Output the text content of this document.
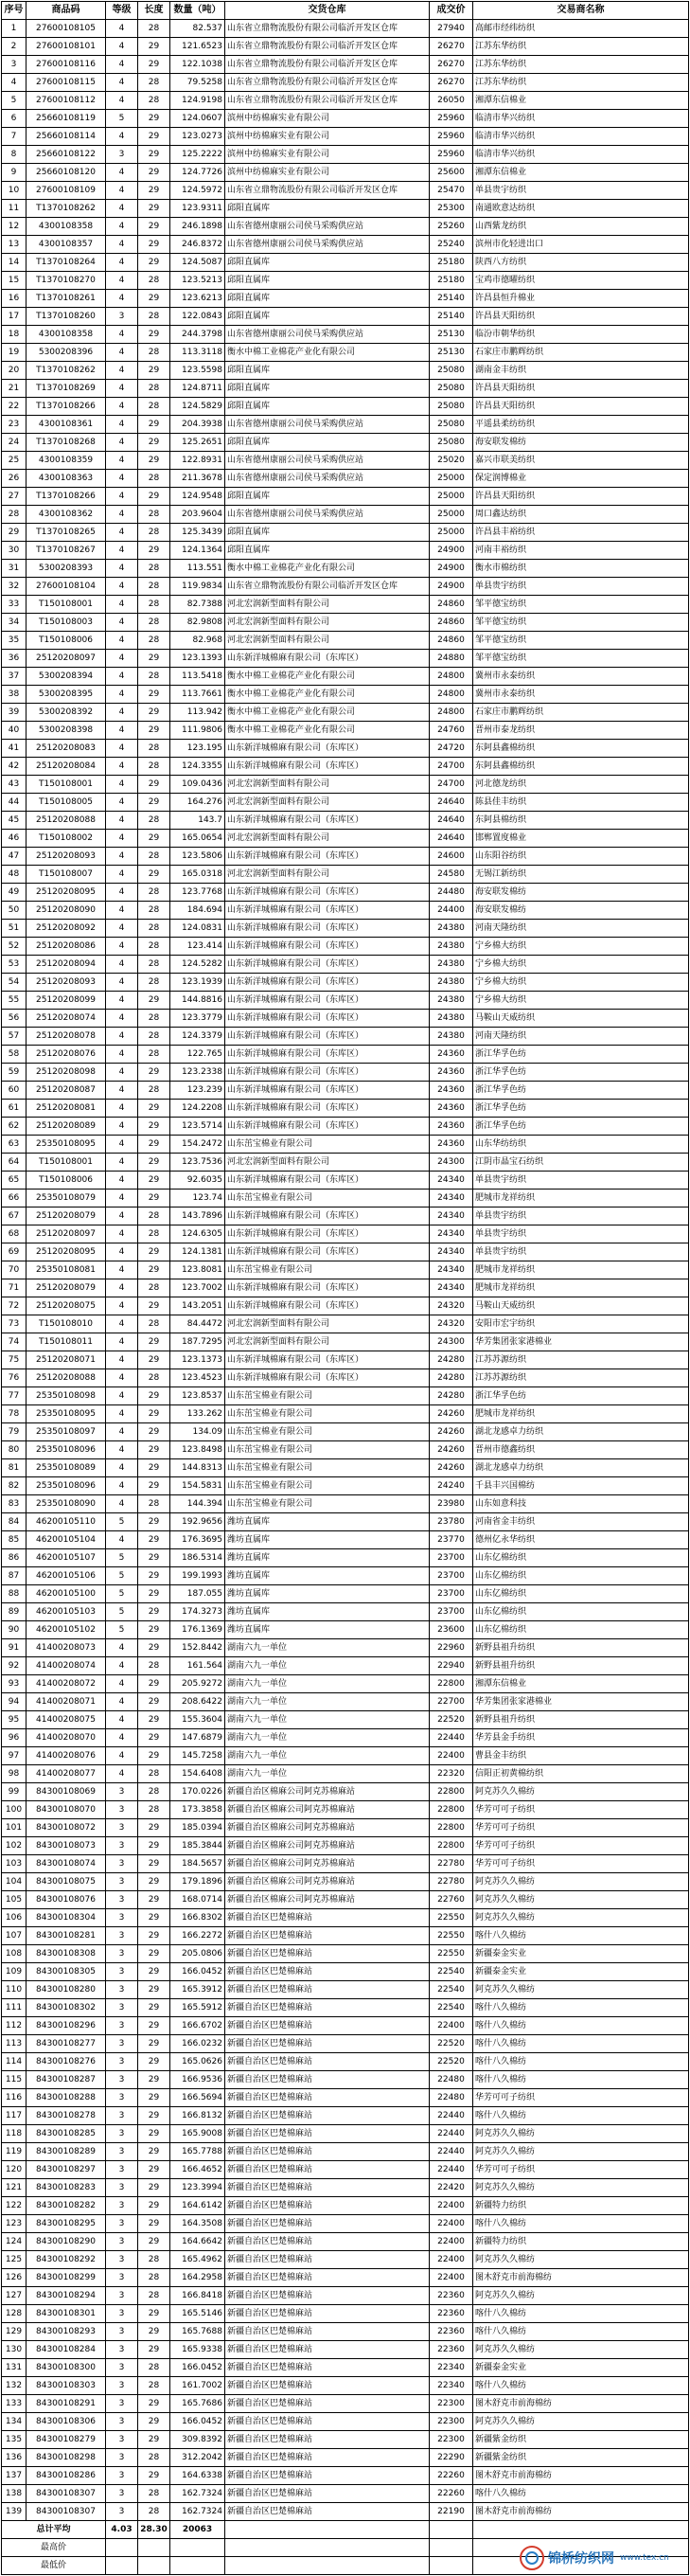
序号	商品码	等级	长度	数量（吨）	交货仓库	成交价	交易商名称
1	27600108105	4	28	82.537	山东省立鼎物流股份有限公司临沂开发区仓库	27940	高邮市经纬纺织
2	27600108101	4	29	121.6523	山东省立鼎物流股份有限公司临沂开发区仓库	26270	江苏东华纺织
3	27600108116	4	29	122.1038	山东省立鼎物流股份有限公司临沂开发区仓库	26270	江苏东华纺织
4	27600108115	4	28	79.5258	山东省立鼎物流股份有限公司临沂开发区仓库	26270	江苏东华纺织
5	27600108112	4	28	124.9198	山东省立鼎物流股份有限公司临沂开发区仓库	26050	湘潭东信棉业
6	25660108119	5	29	124.0607	滨州中纺棉麻实业有限公司	25960	临清市华兴纺织
7	25660108114	4	29	123.0273	滨州中纺棉麻实业有限公司	25960	临清市华兴纺织
8	25660108122	3	29	125.2222	滨州中纺棉麻实业有限公司	25960	临清市华兴纺织
9	25660108120	4	29	124.7726	滨州中纺棉麻实业有限公司	25600	湘潭东信棉业
10	27600108109	4	29	124.5972	山东省立鼎物流股份有限公司临沂开发区仓库	25470	单县贵宇纺织
11	T1370108262	4	29	123.9311	邱阳直属库	25300	南通欧意达纺织
12	4300108358	4	29	246.1898	山东省德州康丽公司侯马采购供应站	25260	山西紫龙纺织
13	4300108357	4	29	246.8372	山东省德州康丽公司侯马采购供应站	25240	滨州市化轻进出口
14	T1370108264	4	29	124.5087	邱阳直属库	25180	陕西八方纺织
15	T1370108270	4	28	123.5213	邱阳直属库	25180	宝鸡市德曜纺织
16	T1370108261	4	29	123.6213	邱阳直属库	25140	许昌县恒升棉业
17	T1370108260	3	28	122.0843	邱阳直属库	25140	许昌县天阳纺织
18	4300108358	4	29	244.3798	山东省德州康丽公司侯马采购供应站	25130	临汾市朝华纺织
19	5300208396	4	28	113.3118	衡水中棉工业棉花产业化有限公司	25130	石家庄市鹏辉纺织
20	T1370108262	4	29	123.5598	邱阳直属库	25080	湖南金丰纺织
21	T1370108269	4	28	124.8711	邱阳直属库	25080	许昌县天阳纺织
22	T1370108266	4	28	124.5829	邱阳直属库	25080	许昌县天阳纺织
23	4300108361	4	29	204.3938	山东省德州康丽公司侯马采购供应站	25080	平遥县柔纺纺织
24	T1370108268	4	29	125.2651	邱阳直属库	25080	海安联发棉纺
25	4300108359	4	29	122.8931	山东省德州康丽公司侯马采购供应站	25020	嘉兴市联美纺织
26	4300108363	4	28	211.3678	山东省德州康丽公司侯马采购供应站	25000	保定润博棉业
27	T1370108266	4	29	124.9548	邱阳直属库	25000	许昌县天阳纺织
28	4300108362	4	28	203.9604	山东省德州康丽公司侯马采购供应站	25000	周口鑫达纺织
29	T1370108265	4	28	125.3439	邱阳直属库	25000	许昌县丰裕纺织
30	T1370108267	4	29	124.1364	邱阳直属库	24900	河南丰裕纺织
31	5300208393	4	28	113.551	衡水中棉工业棉花产业化有限公司	24900	衡水市棉纺织
32	27600108104	4	28	119.9834	山东省立鼎物流股份有限公司临沂开发区仓库	24900	单县贵宇纺织
33	T150108001	4	28	82.7388	河北宏润新型面料有限公司	24860	邹平德宝纺织
34	T150108003	4	28	82.9808	河北宏润新型面料有限公司	24860	邹平德宝纺织
35	T150108006	4	28	82.968	河北宏润新型面料有限公司	24860	邹平德宝纺织
36	25120208097	4	29	123.1393	山东新洋城棉麻有限公司（东库区）	24880	邹平德宝纺织
37	5300208394	4	28	113.5418	衡水中棉工业棉花产业化有限公司	24800	冀州市永泰纺织
38	5300208395	4	29	113.7661	衡水中棉工业棉花产业化有限公司	24800	冀州市永泰纺织
39	5300208392	4	29	113.942	衡水中棉工业棉花产业化有限公司	24800	石家庄市鹏辉纺织
40	5300208398	4	29	111.9806	衡水中棉工业棉花产业化有限公司	24760	晋州市泰龙纺织
41	25120208083	4	28	123.195	山东新洋城棉麻有限公司（东库区）	24720	东阿县鑫棉纺织
42	25120208084	4	28	124.3355	山东新洋城棉麻有限公司（东库区）	24700	东阿县鑫棉纺织
43	T150108001	4	29	109.0436	河北宏润新型面料有限公司	24700	河北德龙纺织
44	T150108005	4	29	164.276	河北宏润新型面料有限公司	24640	陈县佳丰纺织
45	25120208088	4	28	143.7	山东新洋城棉麻有限公司（东库区）	24640	东阿县棉纺织
46	T150108002	4	29	165.0654	河北宏润新型面料有限公司	24640	邯郸置度棉业
47	25120208093	4	28	123.5806	山东新洋城棉麻有限公司（东库区）	24600	山东阳谷纺织
48	T150108007	4	29	165.0318	河北宏润新型面料有限公司	24580	无锡江新纺织
49	25120208095	4	28	123.7768	山东新洋城棉麻有限公司（东库区）	24480	海安联发棉纺
50	25120208090	4	28	184.694	山东新洋城棉麻有限公司（东库区）	24400	海安联发棉纺
51	25120208092	4	28	124.0831	山东新洋城棉麻有限公司（东库区）	24380	河南天隆纺织
52	25120208086	4	28	123.414	山东新洋城棉麻有限公司（东库区）	24380	宁乡棉大纺织
53	25120208094	4	28	124.5282	山东新洋城棉麻有限公司（东库区）	24380	宁乡棉大纺织
54	25120208093	4	28	123.1939	山东新洋城棉麻有限公司（东库区）	24380	宁乡棉大纺织
55	25120208099	4	29	144.8816	山东新洋城棉麻有限公司（东库区）	24380	宁乡棉大纺织
56	25120208074	4	28	123.3779	山东新洋城棉麻有限公司（东库区）	24380	马鞍山天威纺织
57	25120208078	4	28	124.3379	山东新洋城棉麻有限公司（东库区）	24380	河南天隆纺织
58	25120208076	4	28	122.765	山东新洋城棉麻有限公司（东库区）	24360	浙江华孚色纺
59	25120208098	4	29	123.2338	山东新洋城棉麻有限公司（东库区）	24360	浙江华孚色纺
60	25120208087	4	28	123.239	山东新洋城棉麻有限公司（东库区）	24360	浙江华孚色纺
61	25120208081	4	29	124.2208	山东新洋城棉麻有限公司（东库区）	24360	浙江华孚色纺
62	25120208089	4	29	123.5714	山东新洋城棉麻有限公司（东库区）	24360	浙江华孚色纺
63	25350108095	4	29	154.2472	山东茁宝棉业有限公司	24360	山东华纺纺织
64	T150108001	4	29	123.7536	河北宏润新型面料有限公司	24300	江阴市晶宝石纺织
65	T150108006	4	29	92.6035	山东新洋城棉麻有限公司（东库区）	24340	单县贵宇纺织
66	25350108079	4	29	123.74	山东茁宝棉业有限公司	24340	肥城市龙祥纺织
67	25120208079	4	28	143.7896	山东新洋城棉麻有限公司（东库区）	24340	单县贵宇纺织
68	25120208097	4	28	124.6305	山东新洋城棉麻有限公司（东库区）	24340	单县贵宇纺织
69	25120208095	4	29	124.1381	山东新洋城棉麻有限公司（东库区）	24340	单县贵宇纺织
70	25350108081	4	29	123.8081	山东茁宝棉业有限公司	24340	肥城市龙祥纺织
71	25120208079	4	28	123.7002	山东新洋城棉麻有限公司（东库区）	24340	肥城市龙祥纺织
72	25120208075	4	29	143.2051	山东新洋城棉麻有限公司（东库区）	24320	马鞍山天威纺织
73	T150108010	4	28	84.4472	河北宏润新型面料有限公司	24320	安阳市宏宇纺织
74	T150108011	4	29	187.7295	河北宏润新型面料有限公司	24300	华芳集团张家港棉业
75	25120208071	4	29	123.1373	山东新洋城棉麻有限公司（东库区）	24280	江苏苏源纺织
76	25120208088	4	28	123.4523	山东新洋城棉麻有限公司（东库区）	24280	江苏苏源纺织
77	25350108098	4	29	123.8537	山东茁宝棉业有限公司	24280	浙江华孚色纺
78	25350108095	4	29	133.262	山东茁宝棉业有限公司	24260	肥城市龙祥纺织
79	25350108097	4	29	134.09	山东茁宝棉业有限公司	24260	湖北龙感卓力纺织
80	25350108096	4	29	123.8498	山东茁宝棉业有限公司	24260	晋州市德鑫纺织
81	25350108089	4	29	144.8313	山东茁宝棉业有限公司	24260	湖北龙感卓力纺织
82	25350108096	4	29	154.5831	山东茁宝棉业有限公司	24240	千县丰兴国棉纺
83	25350108090	4	28	144.394	山东茁宝棉业有限公司	23980	山东如意科技
84	46200105110	5	29	192.9656	潍坊直属库	23780	河南省金丰纺织
85	46200105104	4	29	176.3695	潍坊直属库	23770	德州亿永华纺织
86	46200105107	5	29	186.5314	潍坊直属库	23700	山东亿棉纺织
87	46200105106	5	29	199.1993	潍坊直属库	23700	山东亿棉纺织
88	46200105100	5	29	187.055	潍坊直属库	23700	山东亿棉纺织
89	46200105103	5	29	174.3273	潍坊直属库	23700	山东亿棉纺织
90	46200105102	5	29	176.1369	潍坊直属库	23600	山东亿棉纺织
91	41400208073	4	29	152.8442	湖南六九一单位	22960	新野县祖升纺织
92	41400208074	4	28	161.564	湖南六九一单位	22940	新野县祖升纺织
93	41400208072	4	29	205.9272	湖南六九一单位	22800	湘潭东信棉业
94	41400208071	4	29	208.6422	湖南六九一单位	22700	华芳集团张家港棉业
95	41400208075	4	29	155.3604	湖南六九一单位	22520	新野县祖升纺织
96	41400208070	4	29	147.6879	湖南六九一单位	22440	华芳县金手纺织
97	41400208076	4	29	145.7258	湖南六九一单位	22400	曹县金丰纺织
98	41400208077	4	28	154.6408	湖南六九一单位	22320	信阳正初黄棉纺织
99	84300108069	3	28	170.0226	新疆自治区棉麻公司阿克苏棉麻站	22800	阿克苏久久棉纺
100	84300108070	3	28	173.3858	新疆自治区棉麻公司阿克苏棉麻站	22800	华芳可可子纺织
101	84300108072	3	29	185.0394	新疆自治区棉麻公司阿克苏棉麻站	22800	华芳可可子纺织
102	84300108073	3	29	185.3844	新疆自治区棉麻公司阿克苏棉麻站	22800	华芳可可子纺织
103	84300108074	3	29	184.5657	新疆自治区棉麻公司阿克苏棉麻站	22780	华芳可可子纺织
104	84300108075	3	29	179.1896	新疆自治区棉麻公司阿克苏棉麻站	22780	阿克苏久久棉纺
105	84300108076	3	29	168.0714	新疆自治区棉麻公司阿克苏棉麻站	22760	阿克苏久久棉纺
106	84300108304	3	29	166.8302	新疆自治区巴楚棉麻站	22550	阿克苏久久棉纺
107	84300108281	3	29	166.2272	新疆自治区巴楚棉麻站	22550	喀什八久棉纺
108	84300108308	3	29	205.0806	新疆自治区巴楚棉麻站	22550	新疆泰金实业
109	84300108305	3	29	166.0452	新疆自治区巴楚棉麻站	22540	新疆泰金实业
110	84300108280	3	29	165.3912	新疆自治区巴楚棉麻站	22540	阿克苏久久棉纺
111	84300108302	3	29	165.5912	新疆自治区巴楚棉麻站	22540	喀什八久棉纺
112	84300108296	3	29	166.6702	新疆自治区巴楚棉麻站	22400	喀什八久棉纺
113	84300108277	3	29	166.0232	新疆自治区巴楚棉麻站	22520	喀什八久棉纺
114	84300108276	3	29	165.0626	新疆自治区巴楚棉麻站	22520	喀什八久棉纺
115	84300108287	3	29	166.9536	新疆自治区巴楚棉麻站	22480	喀什八久棉纺
116	84300108288	3	29	166.5694	新疆自治区巴楚棉麻站	22480	华芳可可子纺织
117	84300108278	3	29	166.8132	新疆自治区巴楚棉麻站	22440	喀什八久棉纺
118	84300108285	3	29	165.9008	新疆自治区巴楚棉麻站	22440	阿克苏久久棉纺
119	84300108289	3	29	165.7788	新疆自治区巴楚棉麻站	22440	阿克苏久久棉纺
120	84300108297	3	29	166.4652	新疆自治区巴楚棉麻站	22440	华芳可可子纺织
121	84300108283	3	29	123.3994	新疆自治区巴楚棉麻站	22420	阿克苏久久棉纺
122	84300108282	3	29	164.6142	新疆自治区巴楚棉麻站	22400	新疆特力纺织
123	84300108295	3	29	164.3508	新疆自治区巴楚棉麻站	22400	喀什八久棉纺
124	84300108290	3	29	164.6642	新疆自治区巴楚棉麻站	22400	新疆特力纺织
125	84300108292	3	28	165.4962	新疆自治区巴楚棉麻站	22400	阿克苏久久棉纺
126	84300108299	3	28	164.2958	新疆自治区巴楚棉麻站	22400	图木舒克市前海棉纺
127	84300108294	3	28	166.8418	新疆自治区巴楚棉麻站	22360	阿克苏久久棉纺
128	84300108301	3	29	165.5146	新疆自治区巴楚棉麻站	22360	喀什八久棉纺
129	84300108293	3	29	165.7688	新疆自治区巴楚棉麻站	22360	喀什八久棉纺
130	84300108284	3	29	165.9338	新疆自治区巴楚棉麻站	22360	阿克苏久久棉纺
131	84300108300	3	28	166.0452	新疆自治区巴楚棉麻站	22340	新疆泰金实业
132	84300108303	3	28	161.7002	新疆自治区巴楚棉麻站	22340	喀什八久棉纺
133	84300108291	3	29	165.7686	新疆自治区巴楚棉麻站	22300	图木舒克市前海棉纺
134	84300108306	3	29	166.0452	新疆自治区巴楚棉麻站	22300	阿克苏久久棉纺
135	84300108279	3	29	309.8392	新疆自治区巴楚棉麻站	22300	新疆紫金纺织
136	84300108298	3	28	312.2042	新疆自治区巴楚棉麻站	22290	新疆紫金纺织
137	84300108286	3	29	164.6338	新疆自治区巴楚棉麻站	22260	图木舒克市前海棉纺
138	84300108307	3	28	162.7324	新疆自治区巴楚棉麻站	22260	喀什八久棉纺
139	84300108307	3	28	162.7324	新疆自治区巴楚棉麻站	22190	图木舒克市前海棉纺
总计平均		4.03	28.30	20063			
最高价							
最低价								锦桥纺织网 www.tex.cn
